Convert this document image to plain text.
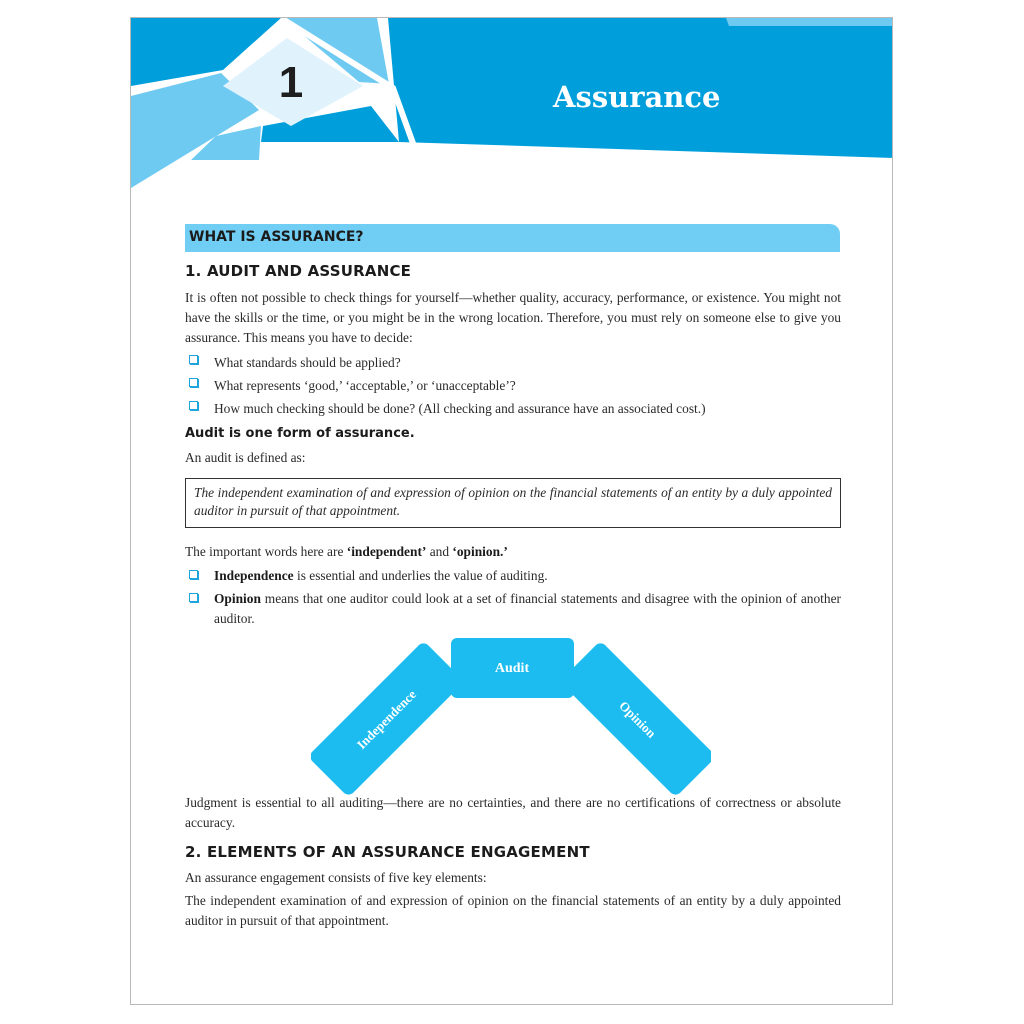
1	Assurance
WHAT IS ASSURANCE?
1. AUDIT AND ASSURANCE
It is often not possible to check things for yourself—whether quality, accuracy, performance, or existence. You might not have the skills or the time, or you might be in the wrong location. Therefore, you must rely on someone else to give you assurance. This means you have to decide:
What standards should be applied?
What represents ‘good,’ ‘acceptable,’ or ‘unacceptable’?
How much checking should be done? (All checking and assurance have an associated cost.)
Audit is one form of assurance.
An audit is defined as:
The independent examination of and expression of opinion on the financial statements of an entity by a duly appointed auditor in pursuit of that appointment.
The important words here are ‘independent’ and ‘opinion.’
Independence is essential and underlies the value of auditing.
Opinion means that one auditor could look at a set of financial statements and disagree with the opinion of another auditor.
Independence
Audit
Opinion
Judgment is essential to all auditing—there are no certainties, and there are no certifications of correctness or absolute accuracy.
2. ELEMENTS OF AN ASSURANCE ENGAGEMENT
An assurance engagement consists of five key elements:
The independent examination of and expression of opinion on the financial statements of an entity by a duly appointed auditor in pursuit of that appointment.
